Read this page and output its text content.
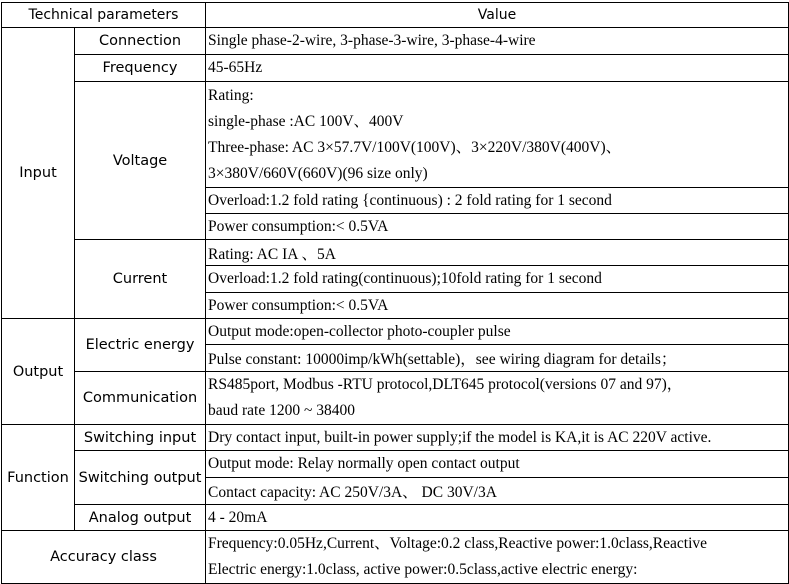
Technical parameters		Value
Input	Connection	Single phase-2-wire, 3-phase-3-wire, 3-phase-4-wire
	Frequency	45-65Hz
	Voltage	Rating:
single-phase :AC 100V、400V
Three-phase: AC 3×57.7V/100V(100V)、3×220V/380V(400V)、
3×380V/660V(660V)(96 size only)

		Overload:1.2 fold rating {continuous) : 2 fold rating for 1 second
		Power consumption:< 0.5VA
	Current	Rating: AC IA 、5A
		Overload:1.2 fold rating(continuous);10fold rating for 1 second
		Power consumption:< 0.5VA
Output	Electric energy	Output mode:open-collector photo-coupler pulse
		Pulse constant: 10000imp/kWh(settable)，see wiring diagram for details；
	Communication	RS485port, Modbus -RTU protocol,DLT645 protocol(versions 07 and 97)，
baud rate 1200 ~ 38400

Function	Switching input	Dry contact input, built-in power supply;if the model is KA,it is AC 220V active.
	Switching output	Output mode: Relay normally open contact output
		Contact capacity: AC 250V/3A、 DC 30V/3A
	Analog output	4 - 20mA
Accuracy class		Frequency:0.05Hz,Current、Voltage:0.2 class,Reactive power:1.0class,Reactive
Electric energy:1.0class, active power:0.5class,active electric energy:
